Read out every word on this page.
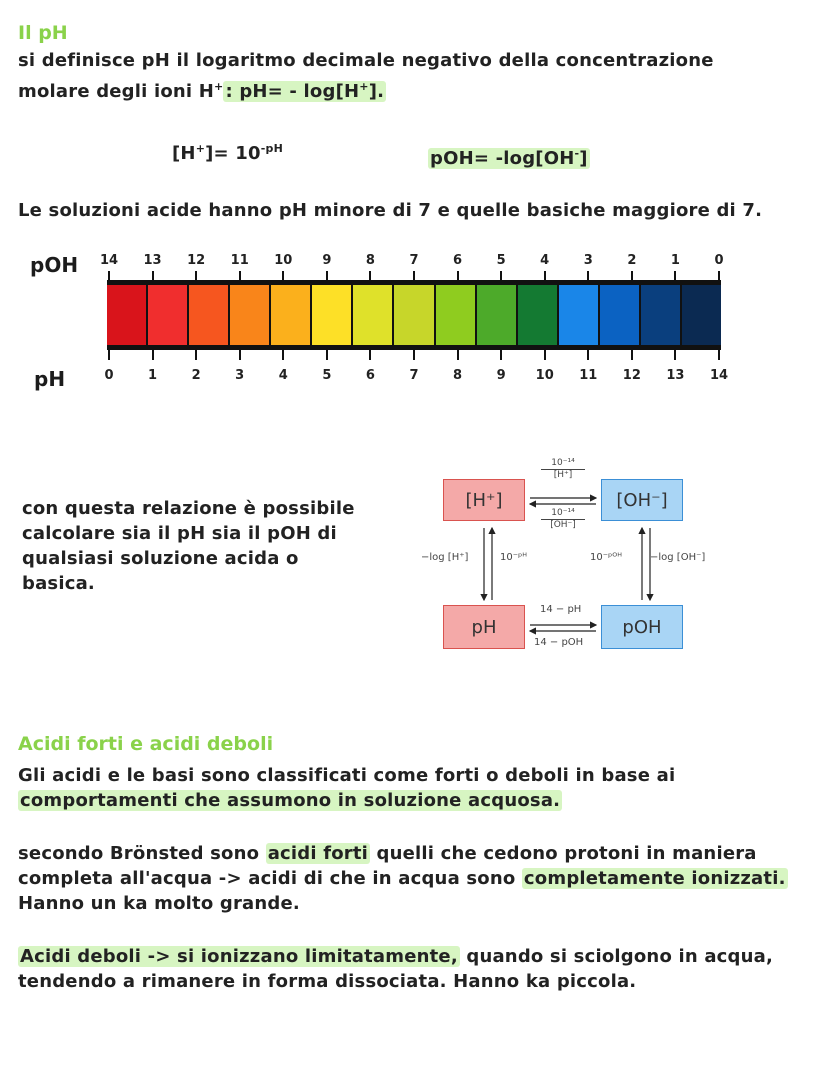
Il pH
si definisce pH il logaritmo decimale negativo della concentrazione
molare degli ioni H+ : pH= - log[H+].
$[H^+]= 10^{-pH}$	pOH= -log[OH-]
Le soluzioni acide hanno pH minore di 7 e quelle basiche maggiore di 7.
pOH
pH
14 13 12 11 10 9	8	7	6	5	4	3	2	1	0
0	1	2	3	4	5	6	7	8	9 10 11 12 13 14
con questa relazione è possibile
calcolare sia il pH sia il pOH di
qualsiasi soluzione acida o
basica.
[H⁺]	[OH⁻]
pH	pOH
$\frac{\text{10⁻¹⁴}}{[H^+]}$
$\frac{\text{10⁻¹⁴}}{[OH^-]}$
−log [H⁺]	10⁻ᵖᴴ	10⁻ᵖᴼᴴ	−log [OH⁻]
14 − pH
14 − pOH
Acidi forti e acidi deboli
Gli acidi e le basi sono classificati come forti o deboli in base ai
comportamenti che assumono in soluzione acquosa.
secondo Brönsted sono acidi forti quelli che cedono protoni in maniera
completa all'acqua -> acidi di che in acqua sono completamente ionizzati.
Hanno un ka molto grande.
Acidi deboli -> si ionizzano limitatamente, quando si sciolgono in acqua,
tendendo a rimanere in forma dissociata. Hanno ka piccola.
